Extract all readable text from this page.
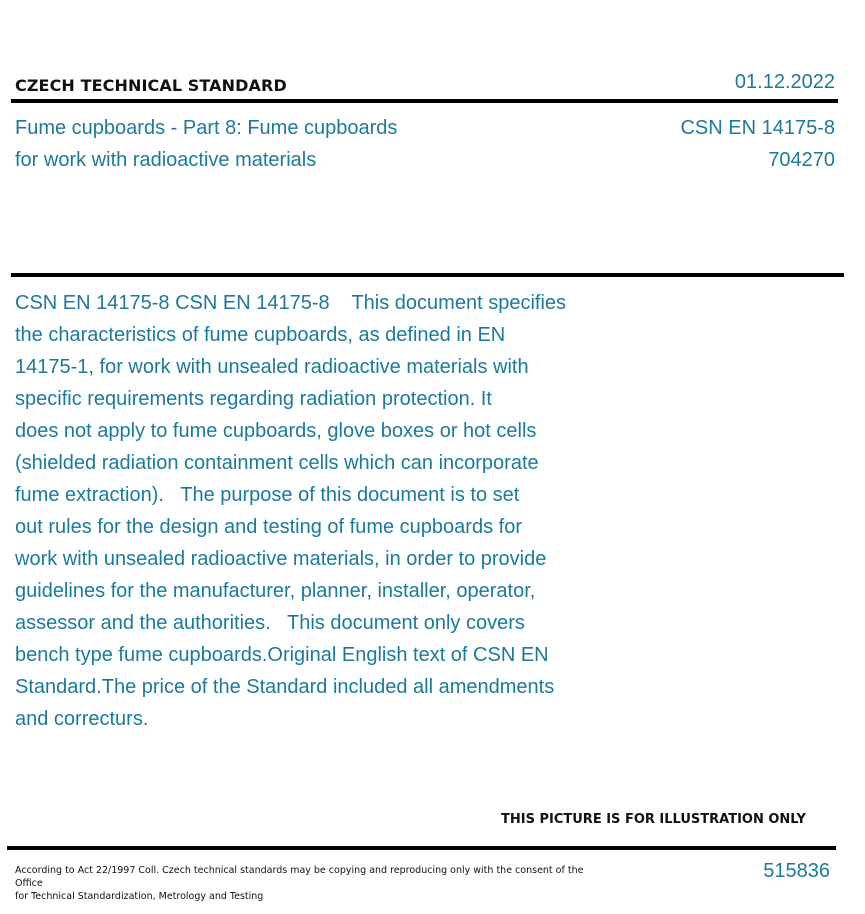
CZECH TECHNICAL STANDARD	01.12.2022
Fume cupboards - Part 8: Fume cupboards
for work with radioactive materials
CSN EN 14175-8
704270
CSN EN 14175-8 CSN EN 14175-8    This document specifies
the characteristics of fume cupboards, as defined in EN
14175-1, for work with unsealed radioactive materials with
specific requirements regarding radiation protection. It
does not apply to fume cupboards, glove boxes or hot cells
(shielded radiation containment cells which can incorporate
fume extraction).   The purpose of this document is to set
out rules for the design and testing of fume cupboards for
work with unsealed radioactive materials, in order to provide
guidelines for the manufacturer, planner, installer, operator,
assessor and the authorities.   This document only covers
bench type fume cupboards.Original English text of CSN EN
Standard.The price of the Standard included all amendments
and correcturs.
THIS PICTURE IS FOR ILLUSTRATION ONLY
According to Act 22/1997 Coll. Czech technical standards may be copying and reproducing only with the consent of the Office
for Technical Standardization, Metrology and Testing
515836
